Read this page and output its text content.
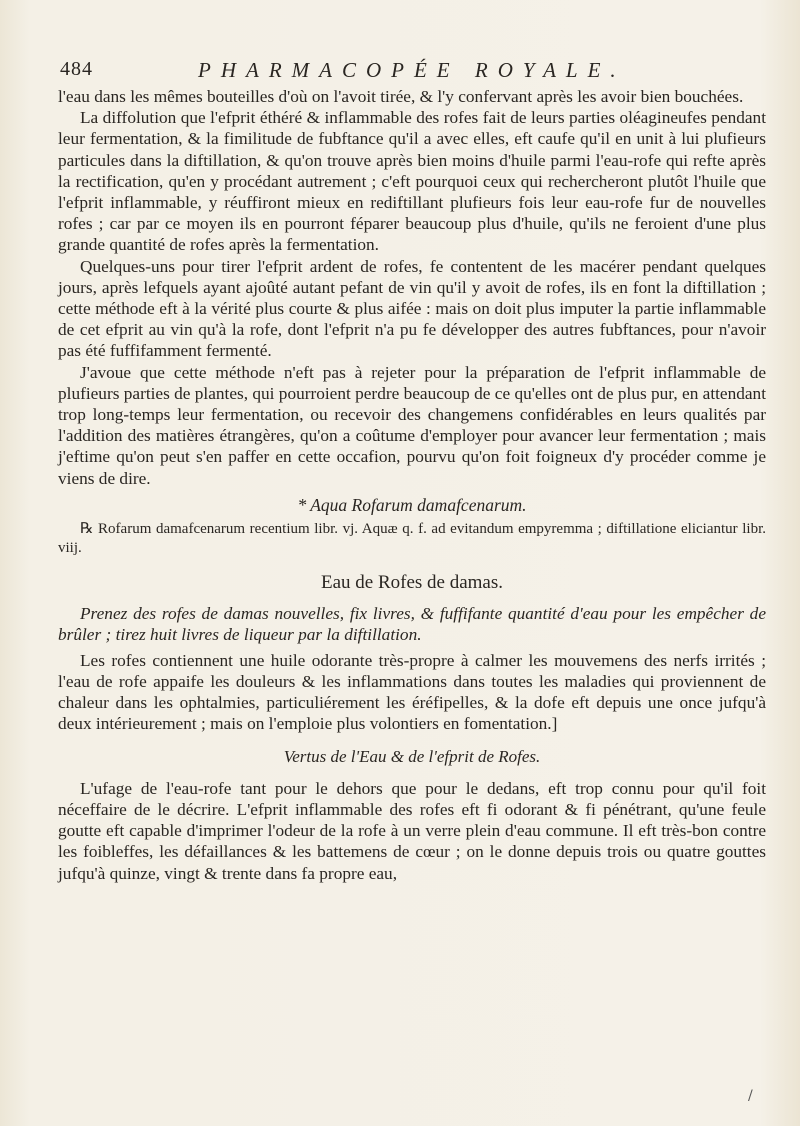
484	PHARMACOPÉE ROYALE.

l'eau dans les mêmes bouteilles d'où on l'avoit tirée, & l'y confervant après les avoir bien bouchées.

La diffolution que l'efprit éthéré & inflammable des rofes fait de leurs parties oléagineufes pendant leur fermentation, & la fimilitude de fubftance qu'il a avec elles, eft caufe qu'il en unit à lui plufieurs particules dans la diftillation, & qu'on trouve après bien moins d'huile parmi l'eau-rofe qui refte après la rectification, qu'en y procédant autrement ; c'eft pourquoi ceux qui rechercheront plutôt l'huile que l'efprit inflammable, y réuffiront mieux en rediftillant plufieurs fois leur eau-rofe fur de nouvelles rofes ; car par ce moyen ils en pourront féparer beaucoup plus d'huile, qu'ils ne feroient d'une plus grande quantité de rofes après la fermentation.

Quelques-uns pour tirer l'efprit ardent de rofes, fe contentent de les macérer pendant quelques jours, après lefquels ayant ajoûté autant pefant de vin qu'il y avoit de rofes, ils en font la diftillation ; cette méthode eft à la vérité plus courte & plus aifée : mais on doit plus imputer la partie inflammable de cet efprit au vin qu'à la rofe, dont l'efprit n'a pu fe développer des autres fubftances, pour n'avoir pas été fuffifamment fermenté.

J'avoue que cette méthode n'eft pas à rejeter pour la préparation de l'efprit inflammable de plufieurs parties de plantes, qui pourroient perdre beaucoup de ce qu'elles ont de plus pur, en attendant trop long-temps leur fermentation, ou recevoir des changemens confidérables en leurs qualités par l'addition des matières étrangères, qu'on a coûtume d'employer pour avancer leur fermentation ; mais j'eftime qu'on peut s'en paffer en cette occafion, pourvu qu'on foit foigneux d'y procéder comme je viens de dire.

* Aqua Rofarum damafcenarum.

℞ Rofarum damafcenarum recentium libr. vj. Aquæ q. f. ad evitandum empyremma ; diftillatione eliciantur libr. viij.

Eau de Rofes de damas.

Prenez des rofes de damas nouvelles, fix livres, & fuffifante quantité d'eau pour les empêcher de brûler ; tirez huit livres de liqueur par la diftillation.

Les rofes contiennent une huile odorante très-propre à calmer les mouvemens des nerfs irrités ; l'eau de rofe appaife les douleurs & les inflammations dans toutes les maladies qui proviennent de chaleur dans les ophtalmies, particuliérement les éréfipelles, & la dofe eft depuis une once jufqu'à deux intérieurement ; mais on l'emploie plus volontiers en fomentation.]

Vertus de l'Eau & de l'efprit de Rofes.

L'ufage de l'eau-rofe tant pour le dehors que pour le dedans, eft trop connu pour qu'il foit néceffaire de le décrire. L'efprit inflammable des rofes eft fi odorant & fi pénétrant, qu'une feule goutte eft capable d'imprimer l'odeur de la rofe à un verre plein d'eau commune. Il eft très-bon contre les foibleffes, les défaillances & les battemens de cœur ; on le donne depuis trois ou quatre gouttes jufqu'à quinze, vingt & trente dans fa propre eau,

/
